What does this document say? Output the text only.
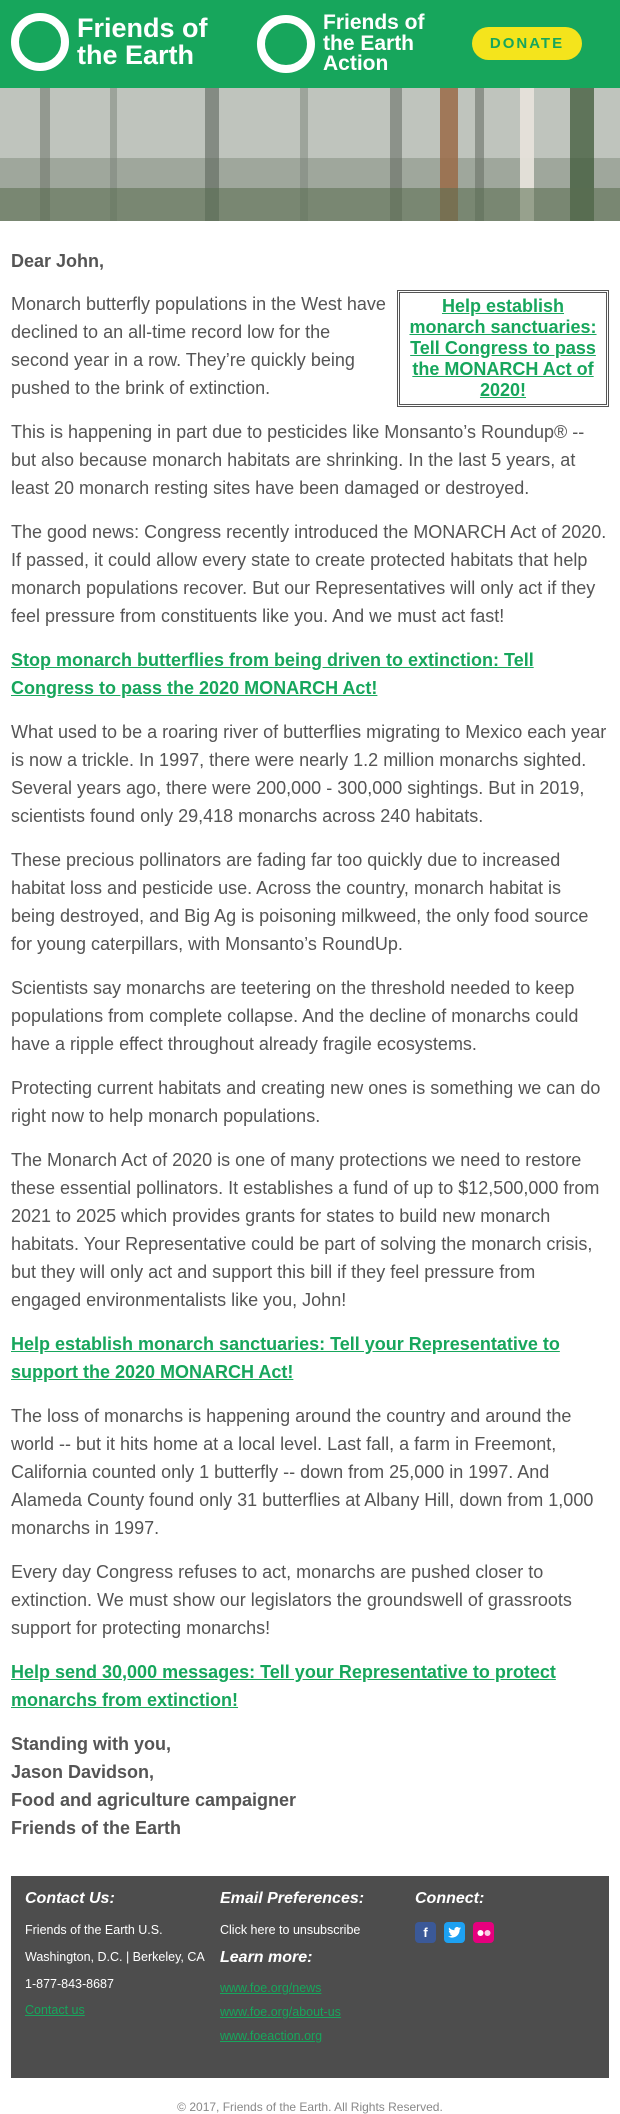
Friends of
the Earth
Friends of
the Earth
Action
DONATE
Dear John,
Help establish monarch sanctuaries: Tell Congress to pass the MONARCH Act of 2020!

Monarch butterfly populations in the West have declined to an all-time record low for the second year in a row. They’re quickly being pushed to the brink of extinction.

This is happening in part due to pesticides like Monsanto’s Roundup® -- but also because monarch habitats are shrinking. In the last 5 years, at least 20 monarch resting sites have been damaged or destroyed.

The good news: Congress recently introduced the MONARCH Act of 2020. If passed, it could allow every state to create protected habitats that help monarch populations recover. But our Representatives will only act if they feel pressure from constituents like you. And we must act fast!

Stop monarch butterflies from being driven to extinction: Tell Congress to pass the 2020 MONARCH Act!

What used to be a roaring river of butterflies migrating to Mexico each year is now a trickle. In 1997, there were nearly 1.2 million monarchs sighted. Several years ago, there were 200,000 - 300,000 sightings. But in 2019, scientists found only 29,418 monarchs across 240 habitats.

These precious pollinators are fading far too quickly due to increased habitat loss and pesticide use. Across the country, monarch habitat is being destroyed, and Big Ag is poisoning milkweed, the only food source for young caterpillars, with Monsanto’s RoundUp.

Scientists say monarchs are teetering on the threshold needed to keep populations from complete collapse. And the decline of monarchs could have a ripple effect throughout already fragile ecosystems.

Protecting current habitats and creating new ones is something we can do right now to help monarch populations.

The Monarch Act of 2020 is one of many protections we need to restore these essential pollinators. It establishes a fund of up to $12,500,000 from 2021 to 2025 which provides grants for states to build new monarch habitats. Your Representative could be part of solving the monarch crisis, but they will only act and support this bill if they feel pressure from engaged environmentalists like you, John!

Help establish monarch sanctuaries: Tell your Representative to support the 2020 MONARCH Act!

The loss of monarchs is happening around the country and around the world -- but it hits home at a local level. Last fall, a farm in Freemont, California counted only 1 butterfly -- down from 25,000 in 1997. And Alameda County found only 31 butterflies at Albany Hill, down from 1,000 monarchs in 1997.

Every day Congress refuses to act, monarchs are pushed closer to extinction. We must show our legislators the groundswell of grassroots support for protecting monarchs!

Help send 30,000 messages: Tell your Representative to protect monarchs from extinction!
Standing with you,
Jason Davidson,
Food and agriculture campaigner
Friends of the Earth
Contact Us:
Friends of the Earth U.S.
Washington, D.C. | Berkeley, CA
1-877-843-8687
Contact us
Email Preferences:
Click here to unsubscribe
Learn more:
www.foe.org/news
www.foe.org/about-us
www.foeaction.org
Connect:
f
© 2017, Friends of the Earth. All Rights Reserved.
